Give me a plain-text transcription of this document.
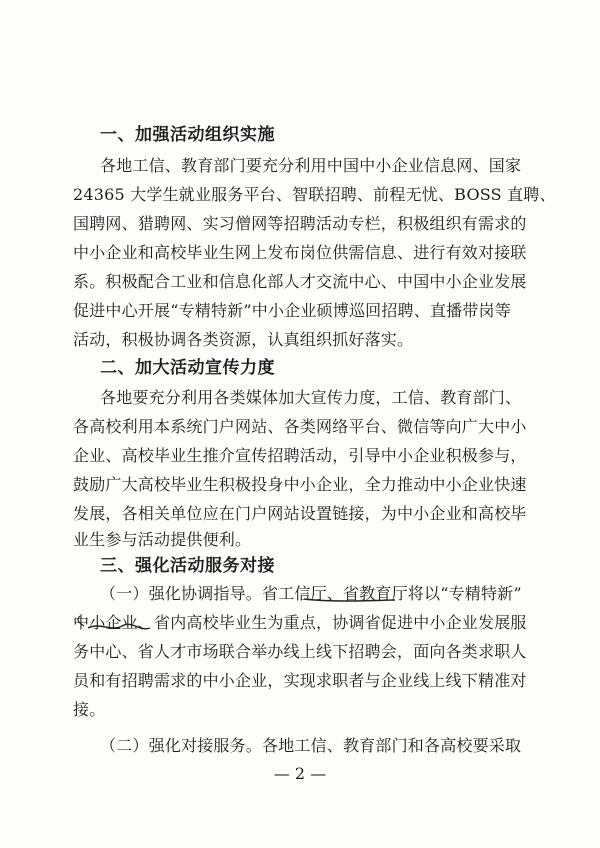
一、加强活动组织实施
各地工信、教育部门要充分利用中国中小企业信息网、国家
24365 大学生就业服务平台、智联招聘、前程无忧、BOSS 直聘、
国聘网、猎聘网、实习僧网等招聘活动专栏，积极组织有需求的
中小企业和高校毕业生网上发布岗位供需信息、进行有效对接联
系。积极配合工业和信息化部人才交流中心、中国中小企业发展
促进中心开展“专精特新”中小企业硕博巡回招聘、直播带岗等
活动，积极协调各类资源，认真组织抓好落实。
二、加大活动宣传力度
各地要充分利用各类媒体加大宣传力度，工信、教育部门、
各高校利用本系统门户网站、各类网络平台、微信等向广大中小
企业、高校毕业生推介宣传招聘活动，引导中小企业积极参与，
鼓励广大高校毕业生积极投身中小企业，全力推动中小企业快速
发展，各相关单位应在门户网站设置链接，为中小企业和高校毕
业生参与活动提供便利。
三、强化活动服务对接
（一）强化协调指导。省工信厅、省教育厅将以“专精特新”
中小企业、省内高校毕业生为重点，协调省促进中小企业发展服
务中心、省人才市场联合举办线上线下招聘会，面向各类求职人
员和有招聘需求的中小企业，实现求职者与企业线上线下精准对
接。
（二）强化对接服务。各地工信、教育部门和各高校要采取
— 2 —
